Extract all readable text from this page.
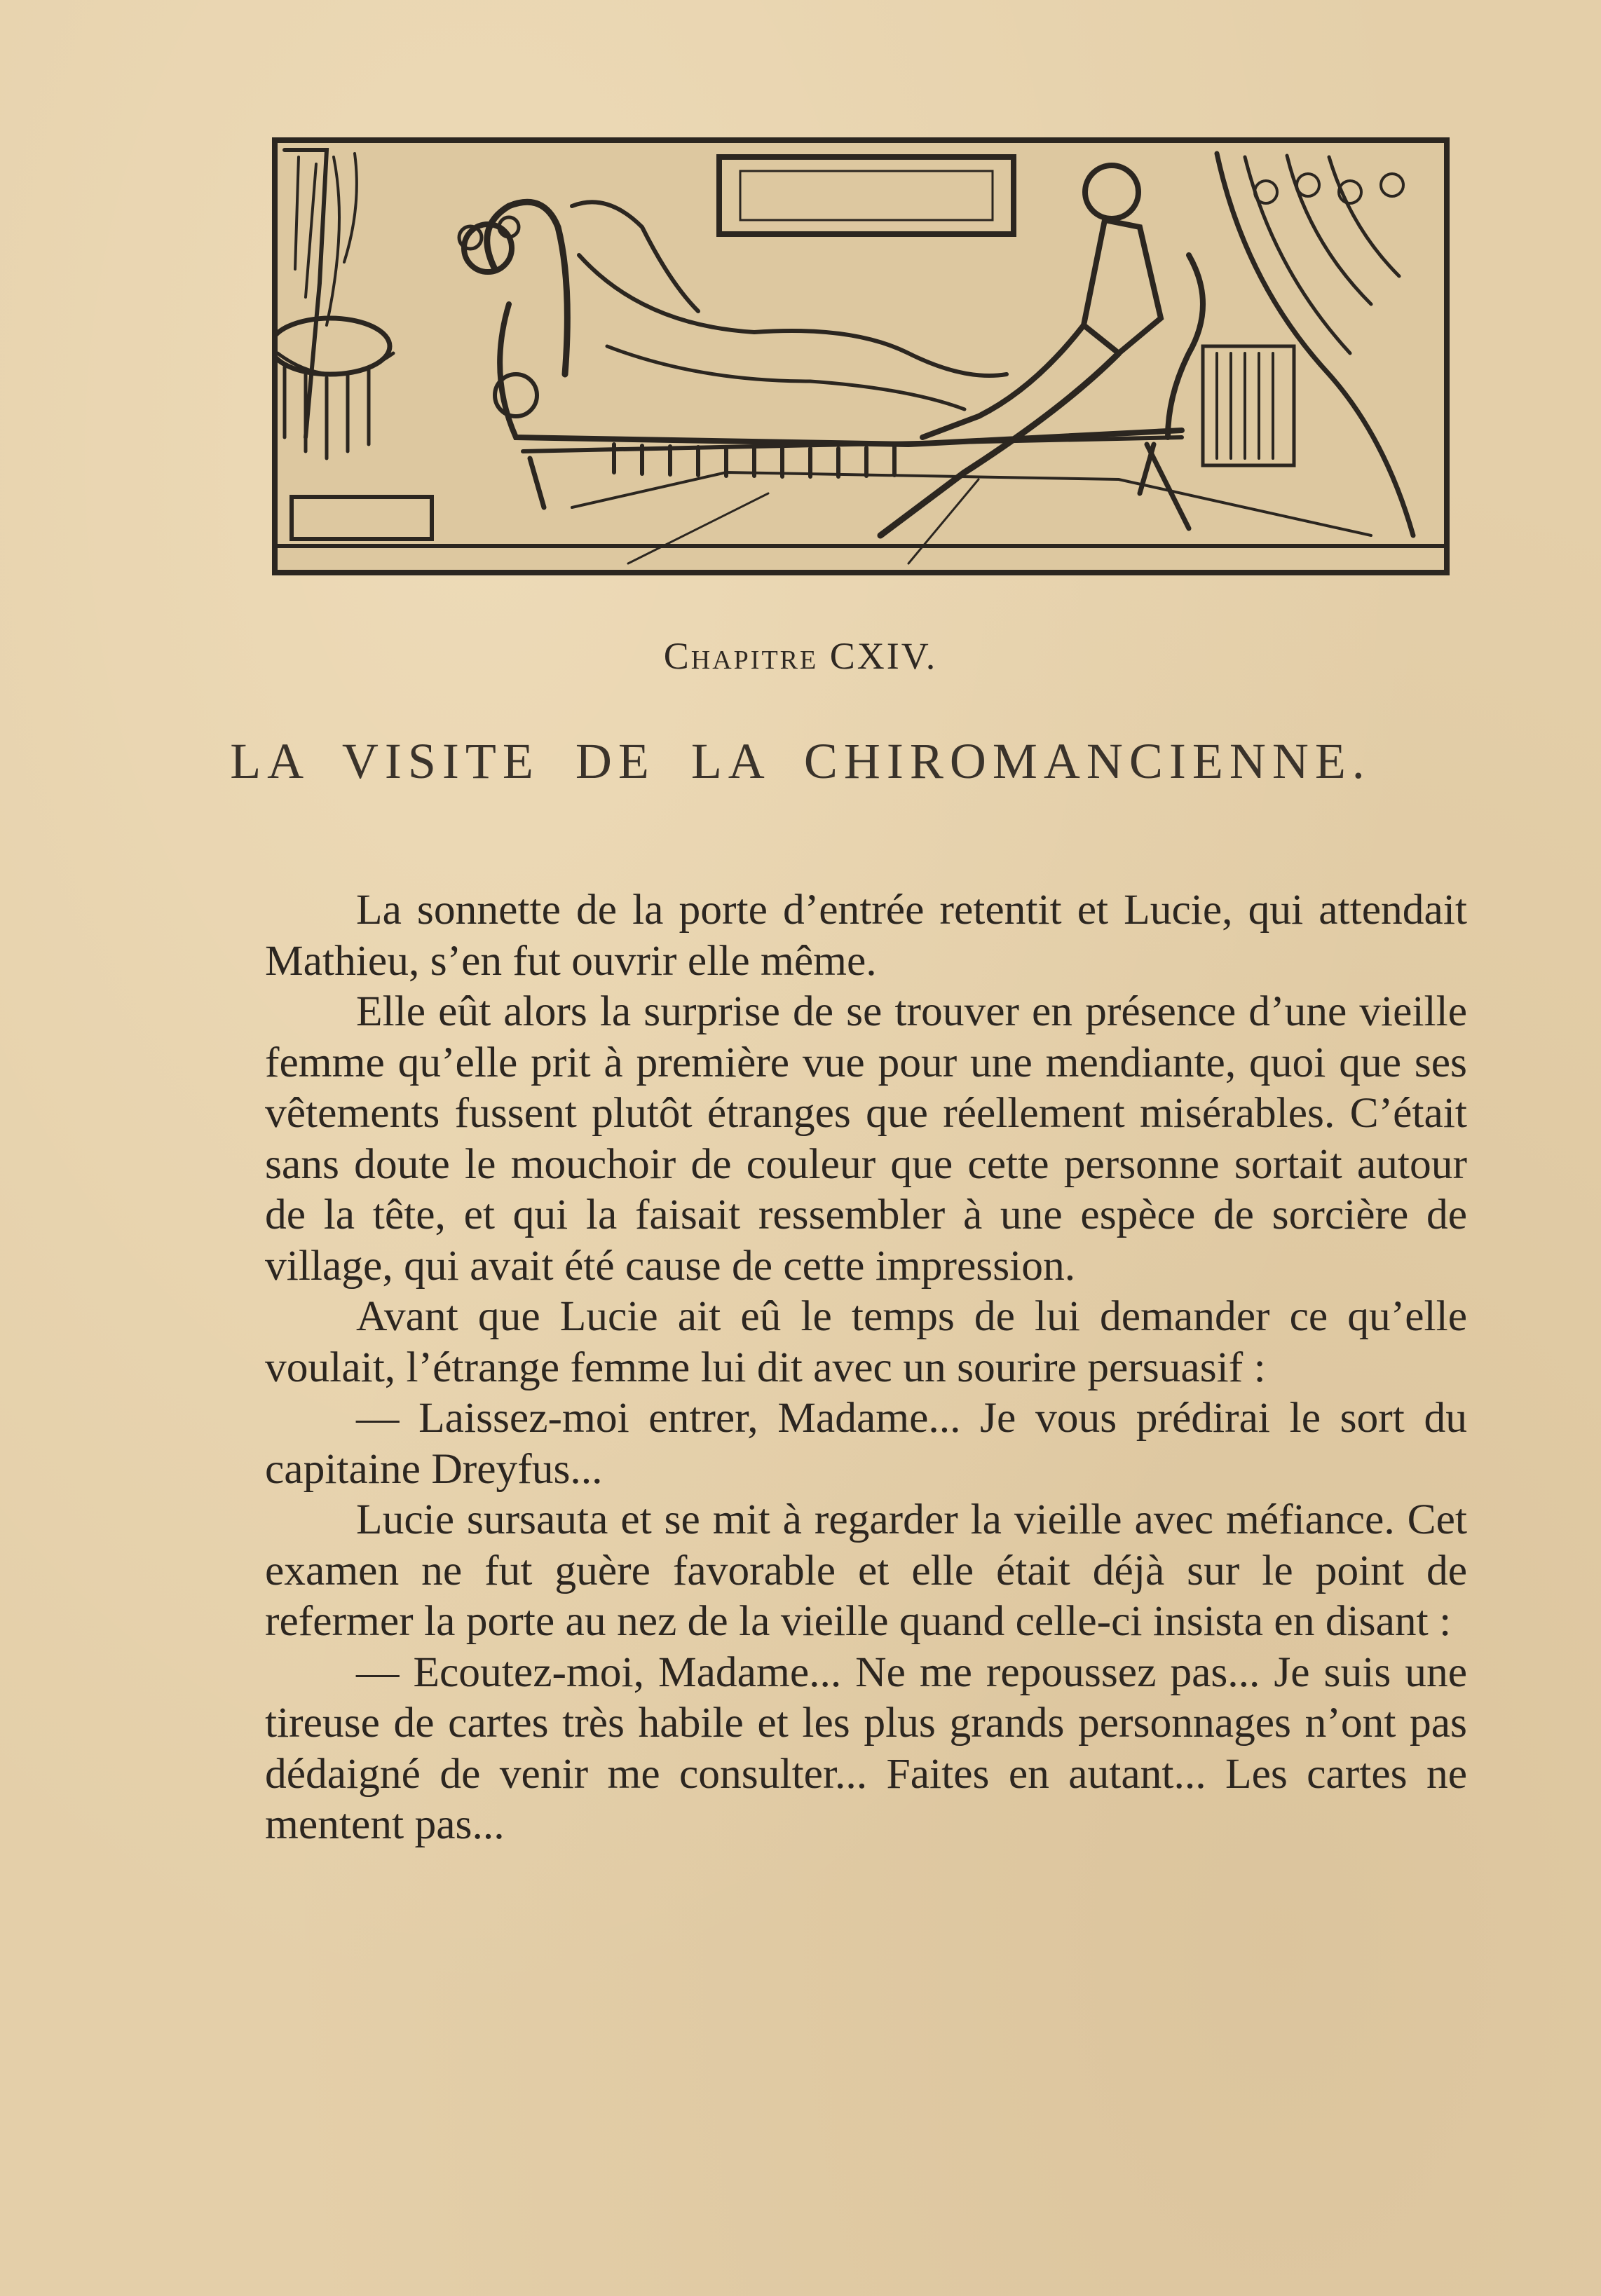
Chapitre CXIV.
LA VISITE DE LA CHIROMANCIENNE.

La sonnette de la porte d’entrée retentit et Lucie, qui attendait Mathieu, s’en fut ouvrir elle même.

Elle eût alors la surprise de se trouver en présence d’une vieille femme qu’elle prit à première vue pour une mendiante, quoi que ses vêtements fussent plutôt étranges que réellement misérables. C’était sans doute le mouchoir de couleur que cette personne sortait autour de la tête, et qui la faisait ressembler à une espèce de sorcière de village, qui avait été cause de cette impression.

Avant que Lucie ait eû le temps de lui demander ce qu’elle voulait, l’étrange femme lui dit avec un sourire persuasif :

— Laissez-moi entrer, Madame... Je vous prédirai le sort du capitaine Dreyfus...

Lucie sursauta et se mit à regarder la vieille avec méfiance. Cet examen ne fut guère favorable et elle était déjà sur le point de refermer la porte au nez de la vieille quand celle-ci insista en disant :

— Ecoutez-moi, Madame... Ne me repoussez pas... Je suis une tireuse de cartes très habile et les plus grands personnages n’ont pas dédaigné de venir me consulter... Faites en autant... Les cartes ne mentent pas...
